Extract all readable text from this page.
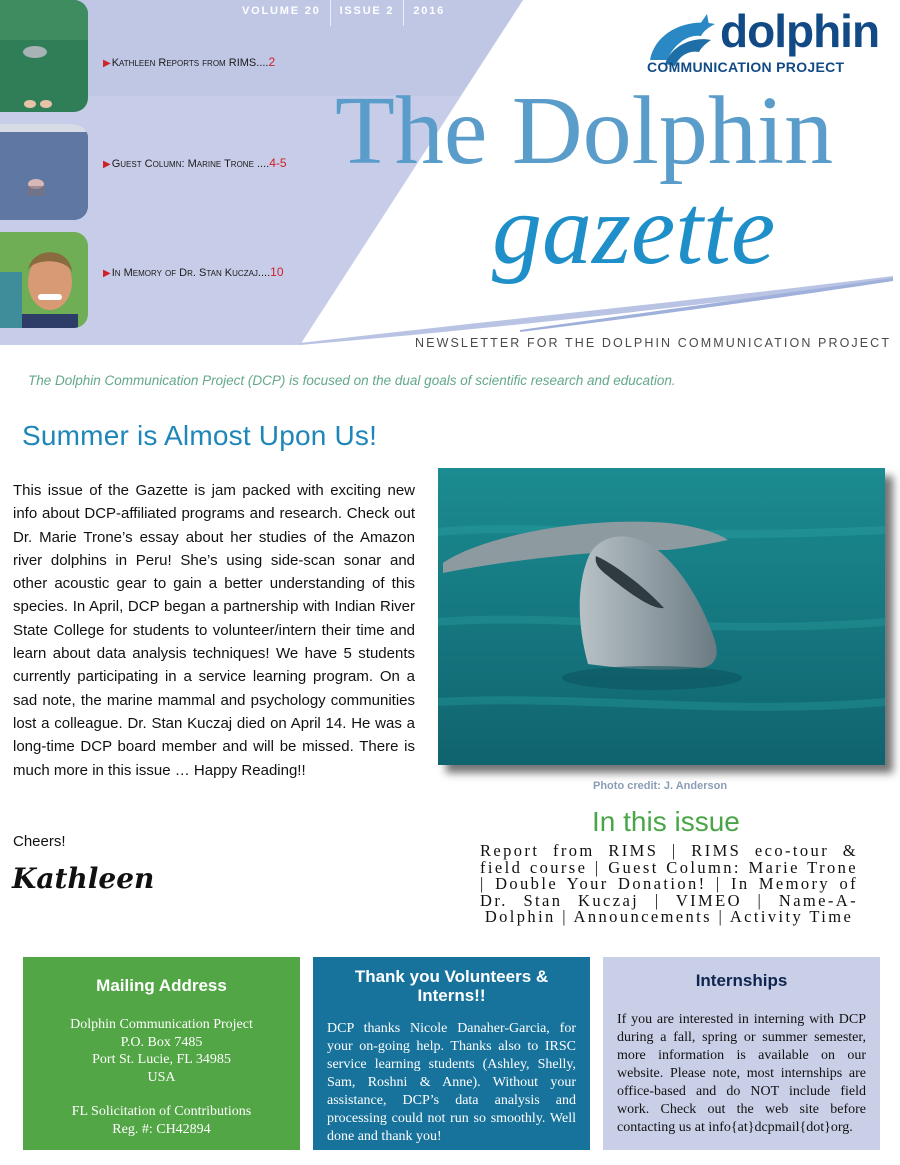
▶Kathleen Reports from RIMS....2
▶Guest Column: Marine Trone ....4-5
▶In Memory of Dr. Stan Kuczaj....10
VOLUME 20	ISSUE 2	2016	dolphin
COMMUNICATION PROJECT
The Dolphin
gazette
NEWSLETTER FOR THE DOLPHIN COMMUNICATION PROJECT
The Dolphin Communication Project (DCP) is focused on the dual goals of scientific research and education.
Summer is Almost Upon Us!
This issue of the Gazette is jam packed with exciting new info about DCP-affiliated programs and research. Check out Dr. Marie Trone’s essay about her studies of the Amazon river dolphins in Peru! She’s using side-scan sonar and other acoustic gear to gain a better understanding of this species. In April, DCP began a partnership with Indian River State College for students to volunteer/intern their time and learn about data analysis techniques! We have 5 students currently participating in a service learning program. On a sad note, the marine mammal and psychology communities lost a colleague. Dr. Stan Kuczaj died on April 14. He was a long-time DCP board member and will be missed. There is much more in this issue … Happy Reading!!
Cheers!
Kathleen
Photo credit: J. Anderson
In this issue
Report from RIMS | RIMS eco-tour & field course | Guest Column: Marie Trone | Double Your Donation! | In Memory of Dr. Stan Kuczaj | VIMEO | Name-A-Dolphin | Announcements | Activity Time
Mailing Address
Dolphin Communication Project
P.O. Box 7485
Port St. Lucie, FL 34985
USA
FL Solicitation of Contributions
Reg. #: CH42894
Thank you Volunteers & Interns!!
DCP thanks Nicole Danaher-Garcia, for your on-going help. Thanks also to IRSC service learning students (Ashley, Shelly, Sam, Roshni & Anne). Without your assistance, DCP’s data analysis and processing could not run so smoothly. Well done and thank you!
Internships
If you are interested in interning with DCP during a fall, spring or summer semester, more information is available on our website. Please note, most internships are office-based and do NOT include field work. Check out the web site before contacting us at info{at}dcpmail{dot}org.
